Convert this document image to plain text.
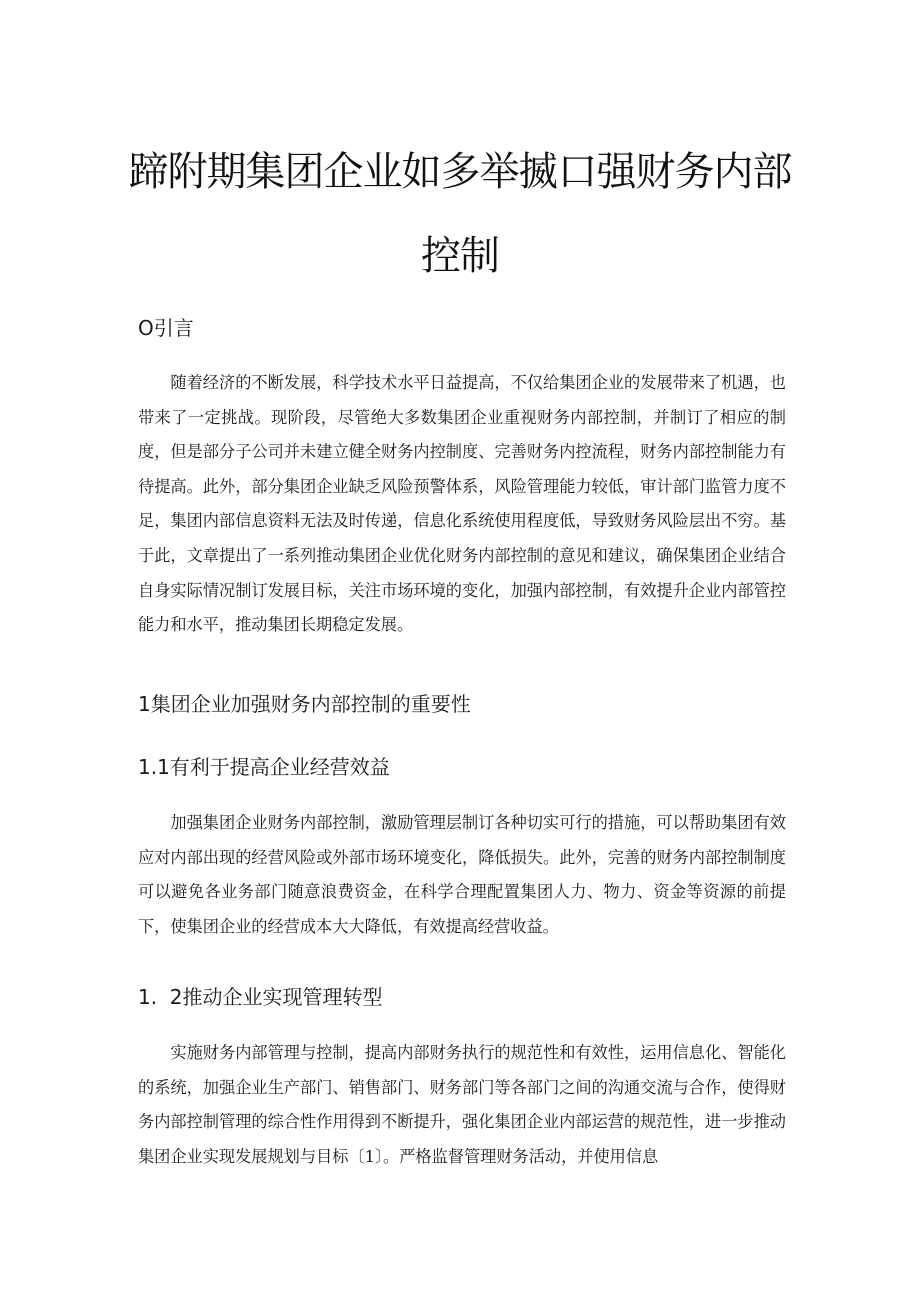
蹄附期集团企业如多举揻口强财务内部
控制
O引言

随着经济的不断发展，科学技术水平日益提高，不仅给集团企业的发展带来了机遇，也带来了一定挑战。现阶段，尽管绝大多数集团企业重视财务内部控制，并制订了相应的制度，但是部分子公司并未建立健全财务内控制度、完善财务内控流程，财务内部控制能力有待提高。此外，部分集团企业缺乏风险预警体系，风险管理能力较低，审计部门监管力度不足，集团内部信息资料无法及时传递，信息化系统使用程度低，导致财务风险层出不穷。基于此，文章提出了一系列推动集团企业优化财务内部控制的意见和建议，确保集团企业结合自身实际情况制订发展目标，关注市场环境的变化，加强内部控制，有效提升企业内部管控能力和水平，推动集团长期稳定发展。

1集团企业加强财务内部控制的重要性
1.1有利于提高企业经营效益

加强集团企业财务内部控制，激励管理层制订各种切实可行的措施，可以帮助集团有效应对内部出现的经营风险或外部市场环境变化，降低损失。此外，完善的财务内部控制制度可以避免各业务部门随意浪费资金，在科学合理配置集团人力、物力、资金等资源的前提下，使集团企业的经营成本大大降低，有效提高经营收益。

1.  2推动企业实现管理转型

实施财务内部管理与控制，提高内部财务执行的规范性和有效性，运用信息化、智能化的系统，加强企业生产部门、销售部门、财务部门等各部门之间的沟通交流与合作，使得财务内部控制管理的综合性作用得到不断提升，强化集团企业内部运营的规范性，进一步推动集团企业实现发展规划与目标〔1〕。严格监督管理财务活动，并使用信息
